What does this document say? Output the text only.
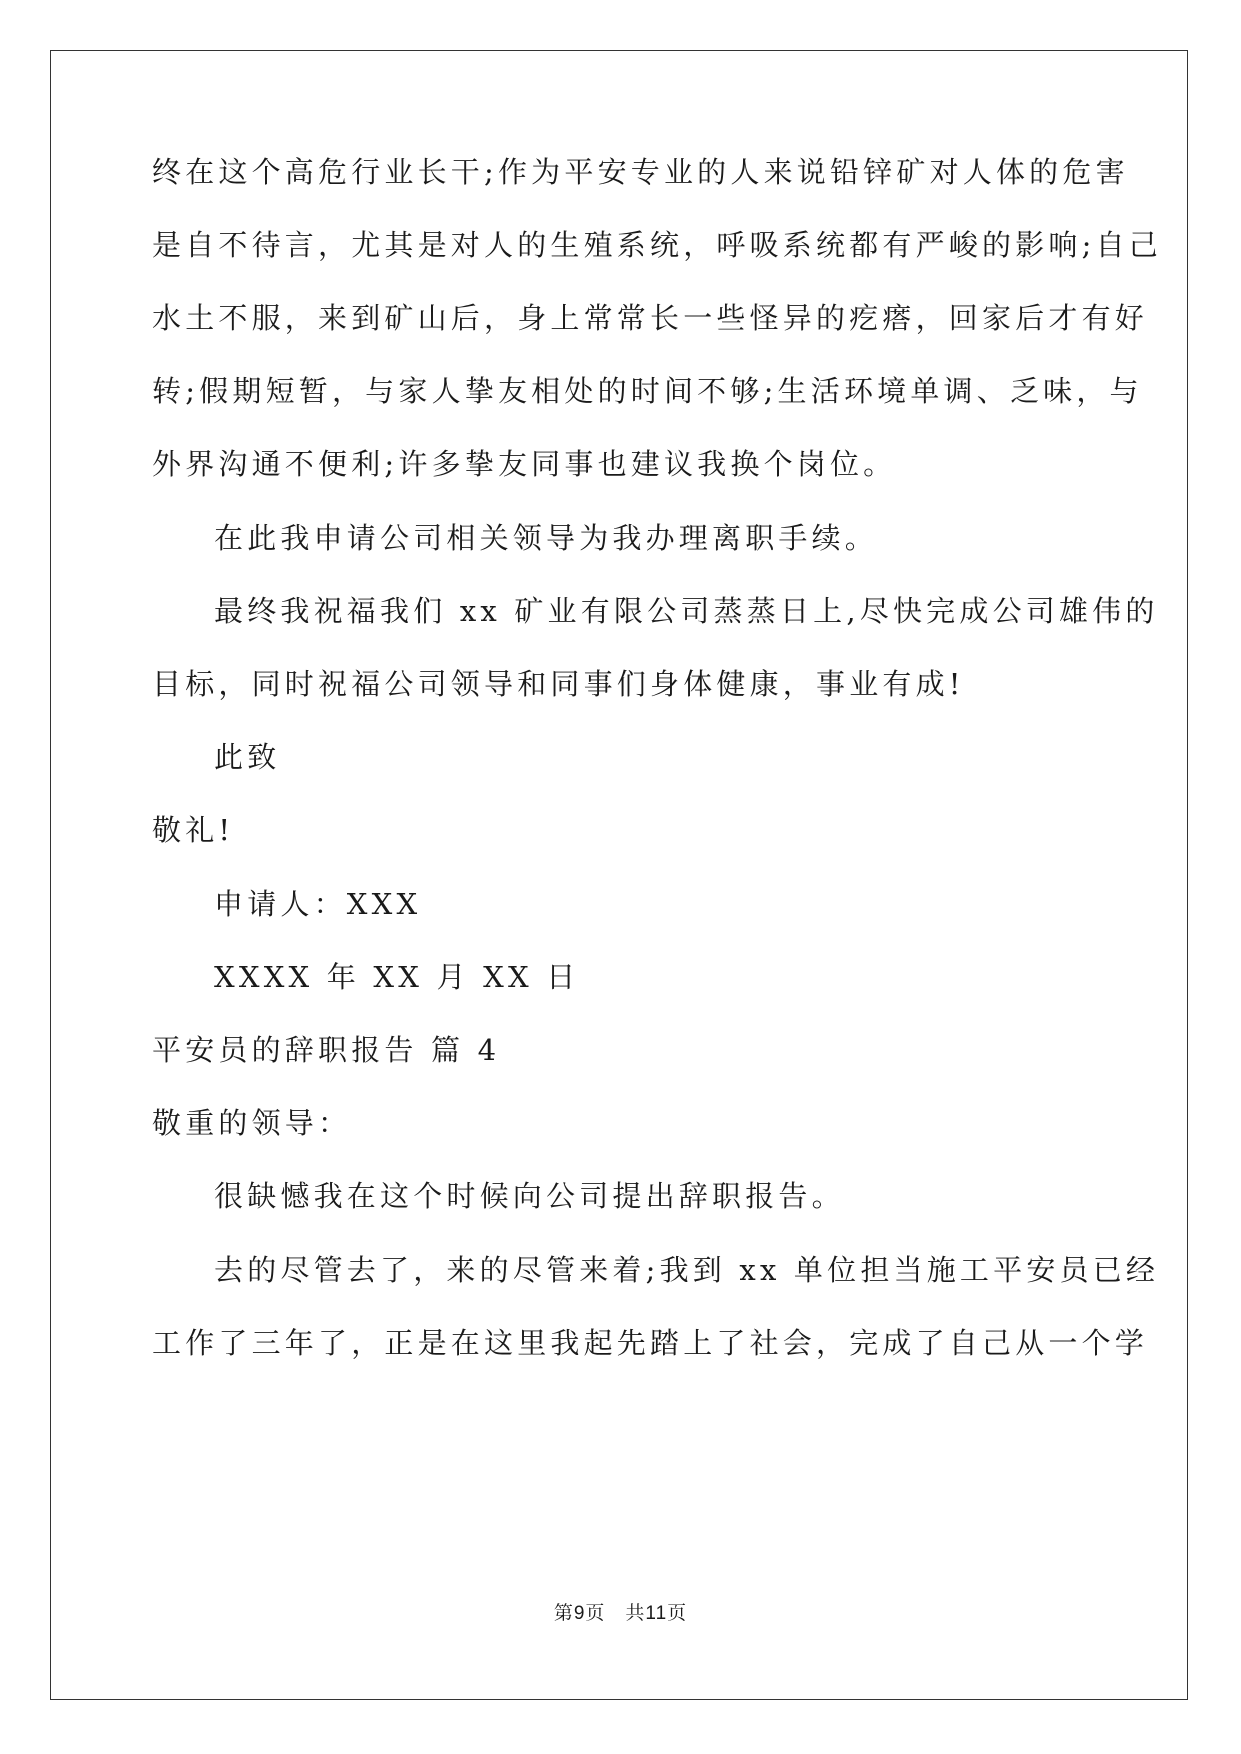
终在这个高危行业长干;作为平安专业的人来说铅锌矿对人体的危害
是自不待言，尤其是对人的生殖系统，呼吸系统都有严峻的影响;自己
水土不服，来到矿山后，身上常常长一些怪异的疙瘩，回家后才有好
转;假期短暂，与家人挚友相处的时间不够;生活环境单调、乏味，与
外界沟通不便利;许多挚友同事也建议我换个岗位。
在此我申请公司相关领导为我办理离职手续。
最终我祝福我们 xx 矿业有限公司蒸蒸日上,尽快完成公司雄伟的
目标，同时祝福公司领导和同事们身体健康，事业有成!
此致
敬礼!
申请人：XXX
XXXX 年 XX 月 XX 日
平安员的辞职报告 篇 4
敬重的领导：
很缺憾我在这个时候向公司提出辞职报告。
去的尽管去了，来的尽管来着;我到 xx 单位担当施工平安员已经
工作了三年了，正是在这里我起先踏上了社会，完成了自己从一个学
第9页　共11页
